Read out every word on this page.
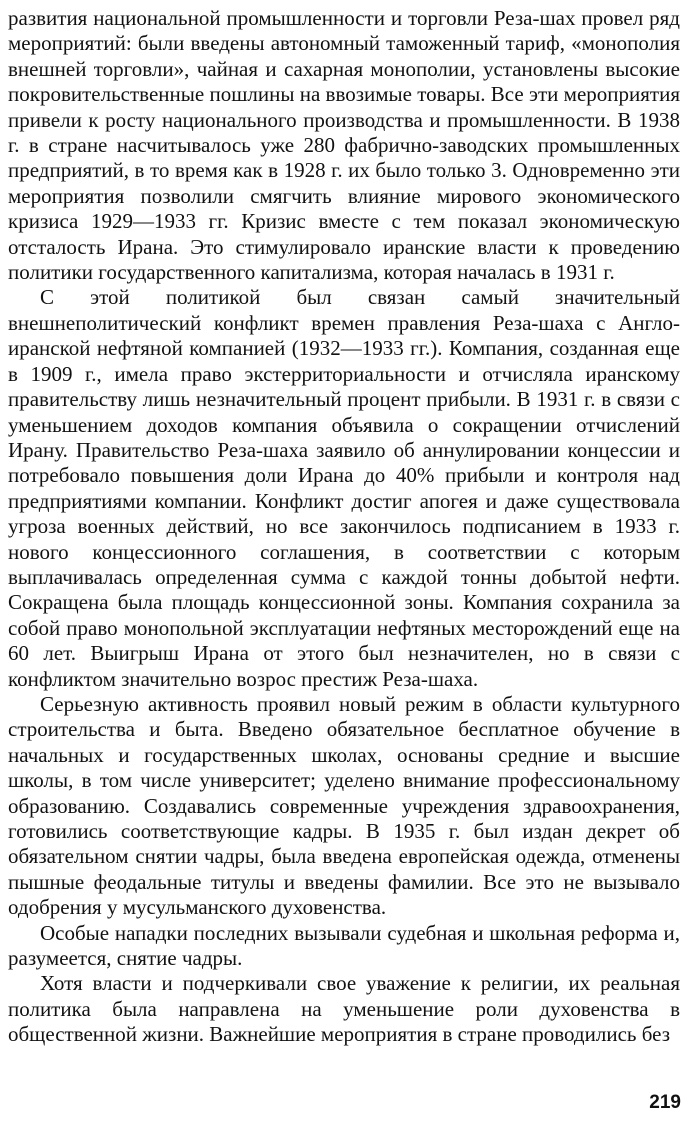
развития национальной промышленности и торговли Реза-шах провел ряд мероприятий: были введены автономный таможенный тариф, «монополия внешней торговли», чайная и сахарная монополии, установлены высокие покровительственные пошлины на ввозимые товары. Все эти мероприятия привели к росту национального производства и промышленности. В 1938 г. в стране насчитывалось уже 280 фабрично-заводских промышленных предприятий, в то время как в 1928 г. их было только 3. Одновременно эти мероприятия позволили смягчить влияние мирового экономического кризиса 1929—1933 гг. Кризис вместе с тем показал экономическую отсталость Ирана. Это стимулировало иранские власти к проведению политики государственного капитализма, которая началась в 1931 г.

С этой политикой был связан самый значительный внешнеполитический конфликт времен правления Реза-шаха с Англо-иранской нефтяной компанией (1932—1933 гг.). Компания, созданная еще в 1909 г., имела право экстерриториальности и отчисляла иранскому правительству лишь незначительный процент прибыли. В 1931 г. в связи с уменьшением доходов компания объявила о сокращении отчислений Ирану. Правительство Реза-шаха заявило об аннулировании концессии и потребовало повышения доли Ирана до 40% прибыли и контроля над предприятиями компании. Конфликт достиг апогея и даже существовала угроза военных действий, но все закончилось подписанием в 1933 г. нового концессионного соглашения, в соответствии с которым выплачивалась определенная сумма с каждой тонны добытой нефти. Сокращена была площадь концессионной зоны. Компания сохранила за собой право монопольной эксплуатации нефтяных месторождений еще на 60 лет. Выигрыш Ирана от этого был незначителен, но в связи с конфликтом значительно возрос престиж Реза-шаха.

Серьезную активность проявил новый режим в области культурного строительства и быта. Введено обязательное бесплатное обучение в начальных и государственных школах, основаны средние и высшие школы, в том числе университет; уделено внимание профессиональному образованию. Создавались современные учреждения здравоохранения, готовились соответствующие кадры. В 1935 г. был издан декрет об обязательном снятии чадры, была введена европейская одежда, отменены пышные феодальные титулы и введены фамилии. Все это не вызывало одобрения у мусульманского духовенства.

Особые нападки последних вызывали судебная и школьная реформа и, разумеется, снятие чадры.

Хотя власти и подчеркивали свое уважение к религии, их реальная политика была направлена на уменьшение роли духовенства в общественной жизни. Важнейшие мероприятия в стране проводились без

219
